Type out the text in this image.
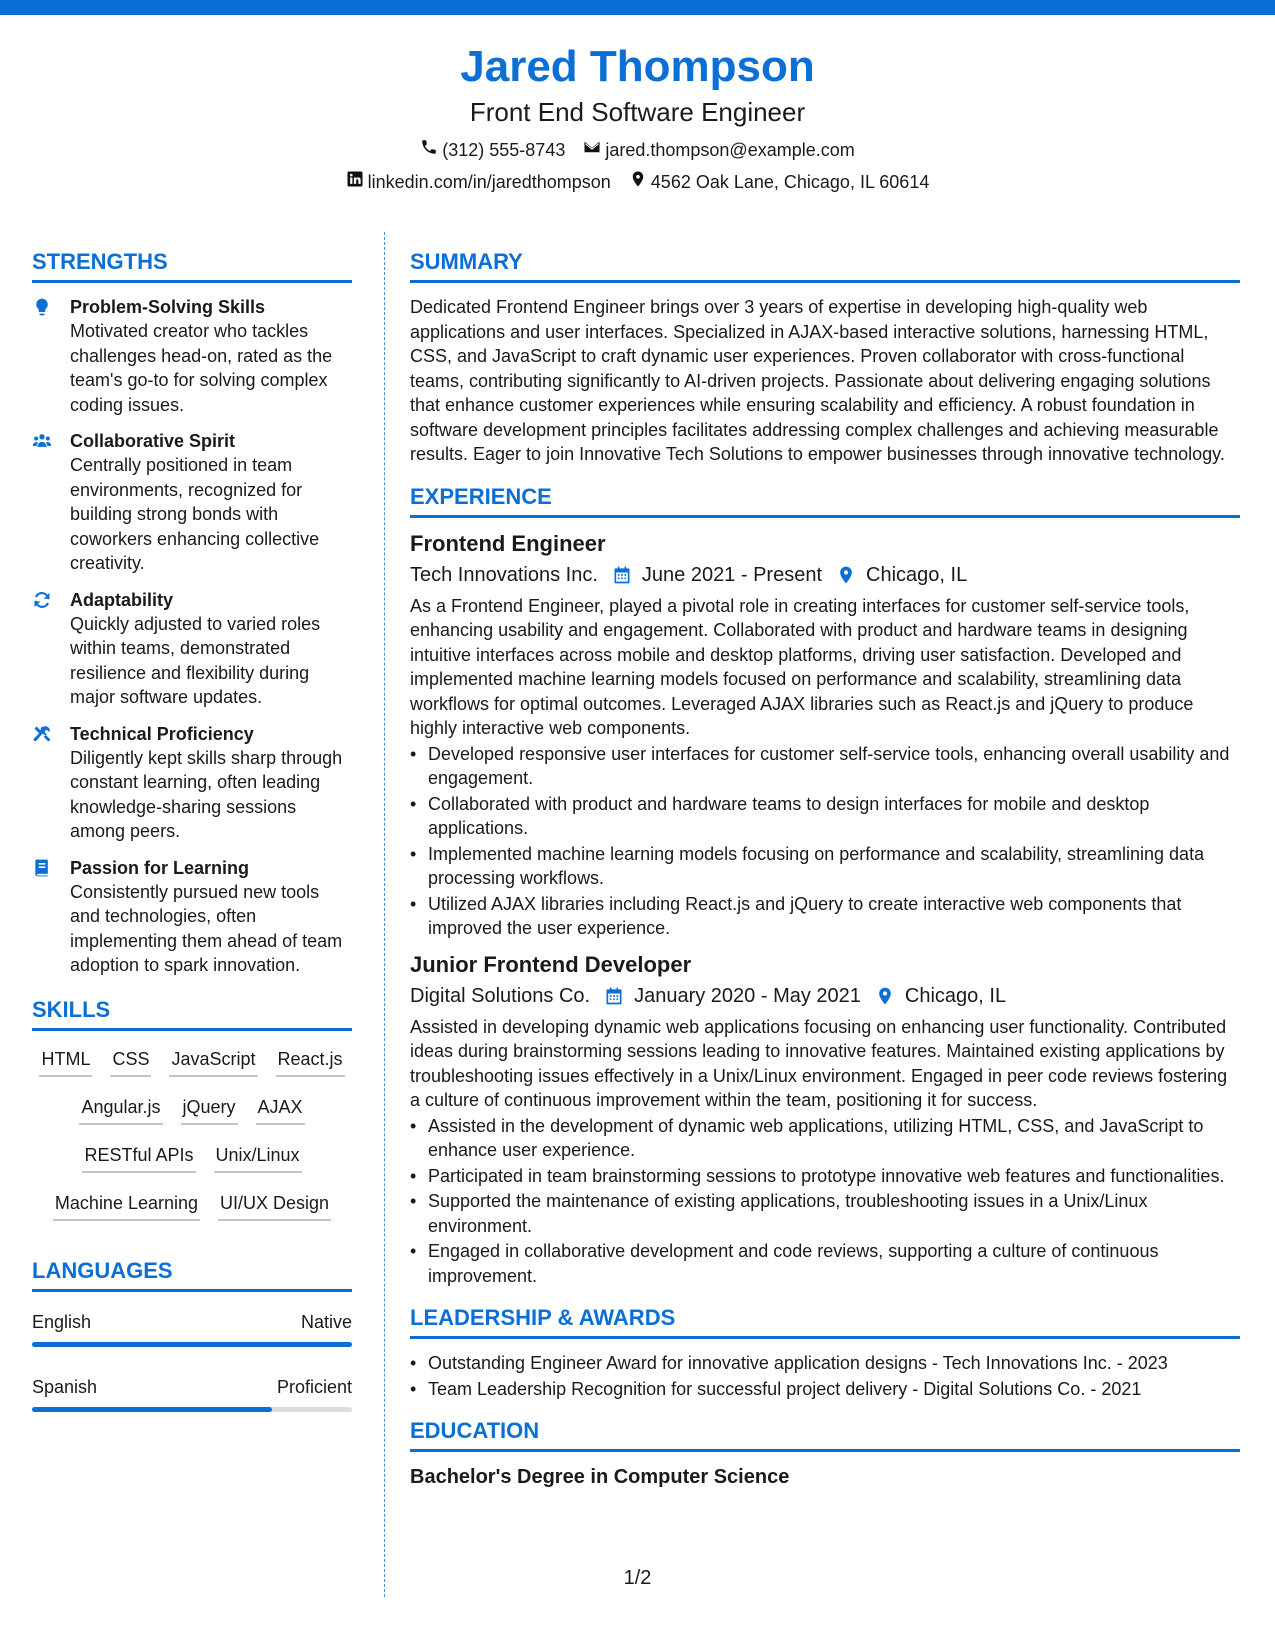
Jared Thompson
Front End Software Engineer
(312) 555-8743 jared.thompson@example.com
linkedin.com/in/jaredthompson 4562 Oak Lane, Chicago, IL 60614
STRENGTHS
Problem-Solving Skills
Motivated creator who tackles challenges head-on, rated as the team's go-to for solving complex coding issues.
Collaborative Spirit
Centrally positioned in team environments, recognized for building strong bonds with coworkers enhancing collective creativity.
Adaptability
Quickly adjusted to varied roles within teams, demonstrated resilience and flexibility during major software updates.
Technical Proficiency
Diligently kept skills sharp through constant learning, often leading knowledge-sharing sessions among peers.
Passion for Learning
Consistently pursued new tools and technologies, often implementing them ahead of team adoption to spark innovation.
SKILLS
HTML CSS JavaScript React.js
Angular.js jQuery AJAX
RESTful APIs Unix/Linux
Machine Learning UI/UX Design
LANGUAGES
English	Native
Spanish	Proficient
SUMMARY
Dedicated Frontend Engineer brings over 3 years of expertise in developing high-quality web applications and user interfaces. Specialized in AJAX-based interactive solutions, harnessing HTML, CSS, and JavaScript to craft dynamic user experiences. Proven collaborator with cross-functional teams, contributing significantly to AI-driven projects. Passionate about delivering engaging solutions that enhance customer experiences while ensuring scalability and efficiency. A robust foundation in software development principles facilitates addressing complex challenges and achieving measurable results. Eager to join Innovative Tech Solutions to empower businesses through innovative technology.
EXPERIENCE
Frontend Engineer
Tech Innovations Inc. June 2021 - Present Chicago, IL
As a Frontend Engineer, played a pivotal role in creating interfaces for customer self-service tools, enhancing usability and engagement. Collaborated with product and hardware teams in designing intuitive interfaces across mobile and desktop platforms, driving user satisfaction. Developed and implemented machine learning models focused on performance and scalability, streamlining data workflows for optimal outcomes. Leveraged AJAX libraries such as React.js and jQuery to produce highly interactive web components.
• Developed responsive user interfaces for customer self-service tools, enhancing overall usability and engagement.
• Collaborated with product and hardware teams to design interfaces for mobile and desktop applications.
• Implemented machine learning models focusing on performance and scalability, streamlining data processing workflows.
• Utilized AJAX libraries including React.js and jQuery to create interactive web components that improved the user experience.
Junior Frontend Developer
Digital Solutions Co. January 2020 - May 2021 Chicago, IL
Assisted in developing dynamic web applications focusing on enhancing user functionality. Contributed ideas during brainstorming sessions leading to innovative features. Maintained existing applications by troubleshooting issues effectively in a Unix/Linux environment. Engaged in peer code reviews fostering a culture of continuous improvement within the team, positioning it for success.
• Assisted in the development of dynamic web applications, utilizing HTML, CSS, and JavaScript to enhance user experience.
• Participated in team brainstorming sessions to prototype innovative web features and functionalities.
• Supported the maintenance of existing applications, troubleshooting issues in a Unix/Linux environment.
• Engaged in collaborative development and code reviews, supporting a culture of continuous improvement.
LEADERSHIP & AWARDS
• Outstanding Engineer Award for innovative application designs - Tech Innovations Inc. - 2023
• Team Leadership Recognition for successful project delivery - Digital Solutions Co. - 2021
EDUCATION
Bachelor's Degree in Computer Science
1/2
